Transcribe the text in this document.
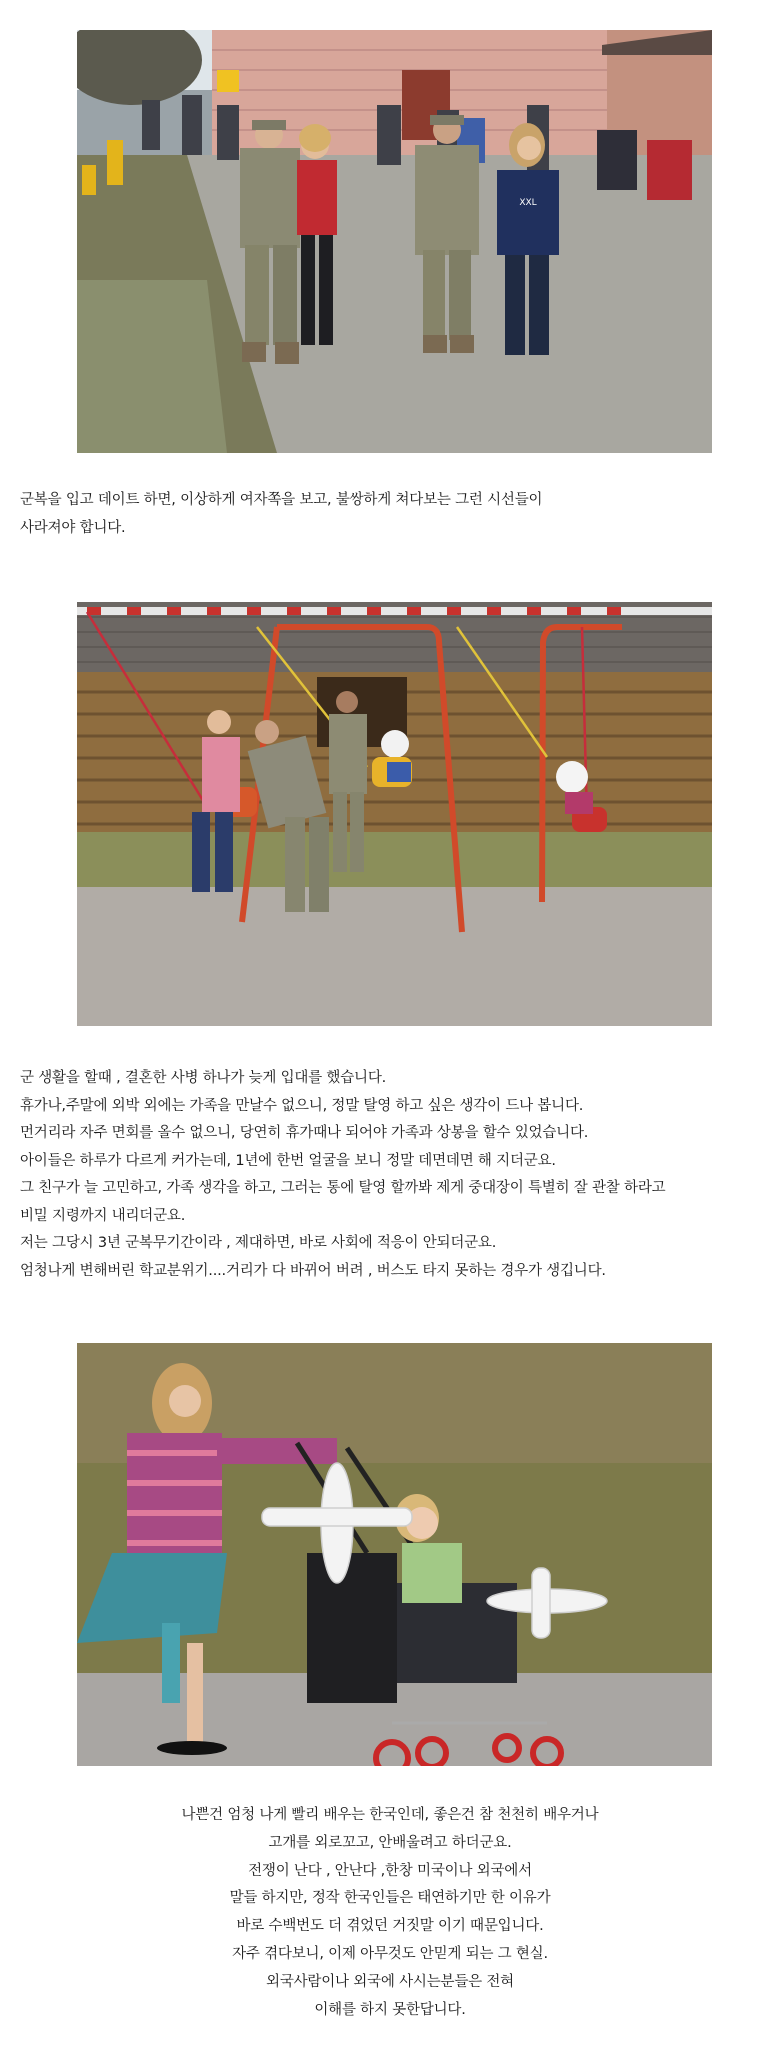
XXL

군복을 입고 데이트 하면, 이상하게 여자쪽을 보고, 불쌍하게 쳐다보는 그런 시선들이

사라져야 합니다.

군 생활을 할때 , 결혼한 사병 하나가 늦게 입대를 했습니다.

휴가나,주말에 외박 외에는 가족을 만날수 없으니, 정말 탈영 하고 싶은 생각이 드나 봅니다.

먼거리라 자주 면회를 올수 없으니, 당연히 휴가때나 되어야 가족과 상봉을 할수 있었습니다.

아이들은 하루가 다르게 커가는데, 1년에 한번 얼굴을 보니 정말 데면데면 해 지더군요.

그 친구가 늘 고민하고, 가족 생각을 하고, 그러는 통에 탈영 할까봐 제게 중대장이 특별히 잘 관찰 하라고

비밀 지령까지 내리더군요.

저는 그당시 3년 군복무기간이라 , 제대하면, 바로 사회에 적응이 안되더군요.

엄청나게 변해버린 학교분위기....거리가 다 바뀌어 버려 , 버스도 타지 못하는 경우가 생깁니다.

나쁜건 엄청 나게 빨리 배우는 한국인데, 좋은건 참 천천히 배우거나

고개를 외로꼬고, 안배울려고 하더군요.

전쟁이 난다 , 안난다 ,한창 미국이나 외국에서

말들 하지만, 정작 한국인들은 태연하기만 한 이유가

바로 수백번도 더 겪었던 거짓말 이기 때문입니다.

자주 겪다보니, 이제 아무것도 안믿게 되는 그 현실.

외국사람이나 외국에 사시는분들은 전혀

이해를 하지 못한답니다.
